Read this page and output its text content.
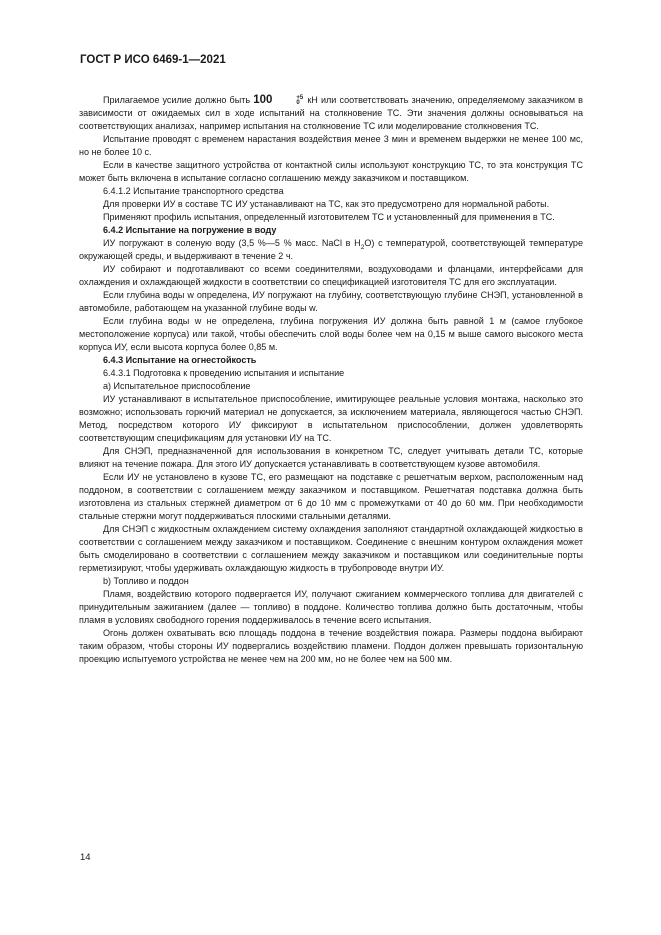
ГОСТ Р ИСО 6469-1—2021

Прилагаемое усилие должно быть 100	+5
0 кН или соответствовать значению, определяемому заказчиком в зависимости от ожидаемых сил в ходе испытаний на столкновение ТС. Эти значения должны основываться на соответствующих анализах, например испытания на столкновение ТС или моделирование столкновения ТС.

Испытание проводят с временем нарастания воздействия менее 3 мин и временем выдержки не менее 100 мс, но не более 10 с.

Если в качестве защитного устройства от контактной силы используют конструкцию ТС, то эта конструкция ТС может быть включена в испытание согласно соглашению между заказчиком и поставщиком.

6.4.1.2 Испытание транспортного средства

Для проверки ИУ в составе ТС ИУ устанавливают на ТС, как это предусмотрено для нормальной работы.

Применяют профиль испытания, определенный изготовителем ТС и установленный для применения в ТС.

6.4.2 Испытание на погружение в воду

ИУ погружают в соленую воду (3,5 %—5 % масс. NaCl в $H_2O$) с температурой, соответствующей температуре окружающей среды, и выдерживают в течение 2 ч.

ИУ собирают и подготавливают со всеми соединителями, воздуховодами и фланцами, интерфейсами для охлаждения и охлаждающей жидкости в соответствии со спецификацией изготовителя ТС для его эксплуатации.

Если глубина воды w определена, ИУ погружают на глубину, соответствующую глубине СНЭП, установленной в автомобиле, работающем на указанной глубине воды w.

Если глубина воды w не определена, глубина погружения ИУ должна быть равной 1 м (самое глубокое местоположение корпуса) или такой, чтобы обеспечить слой воды более чем на 0,15 м выше самого высокого места корпуса ИУ, если высота корпуса более 0,85 м.

6.4.3 Испытание на огнестойкость

6.4.3.1 Подготовка к проведению испытания и испытание

a) Испытательное приспособление

ИУ устанавливают в испытательное приспособление, имитирующее реальные условия монтажа, насколько это возможно; использовать горючий материал не допускается, за исключением материала, являющегося частью СНЭП. Метод, посредством которого ИУ фиксируют в испытательном приспособлении, должен удовлетворять соответствующим спецификациям для установки ИУ на ТС.

Для СНЭП, предназначенной для использования в конкретном ТС, следует учитывать детали ТС, которые влияют на течение пожара. Для этого ИУ допускается устанавливать в соответствующем кузове автомобиля.

Если ИУ не установлено в кузове ТС, его размещают на подставке с решетчатым верхом, расположенным над поддоном, в соответствии с соглашением между заказчиком и поставщиком. Решетчатая подставка должна быть изготовлена из стальных стержней диаметром от 6 до 10 мм с промежутками от 40 до 60 мм. При необходимости стальные стержни могут поддерживаться плоскими стальными деталями.

Для СНЭП с жидкостным охлаждением систему охлаждения заполняют стандартной охлаждающей жидкостью в соответствии с соглашением между заказчиком и поставщиком. Соединение с внешним контуром охлаждения может быть смоделировано в соответствии с соглашением между заказчиком и поставщиком или соединительные порты герметизируют, чтобы удерживать охлаждающую жидкость в трубопроводе внутри ИУ.

b) Топливо и поддон

Пламя, воздействию которого подвергается ИУ, получают сжиганием коммерческого топлива для двигателей с принудительным зажиганием (далее — топливо) в поддоне. Количество топлива должно быть достаточным, чтобы пламя в условиях свободного горения поддерживалось в течение всего испытания.

Огонь должен охватывать всю площадь поддона в течение воздействия пожара. Размеры поддона выбирают таким образом, чтобы стороны ИУ подвергались воздействию пламени. Поддон должен превышать горизонтальную проекцию испытуемого устройства не менее чем на 200 мм, но не более чем на 500 мм.

14
